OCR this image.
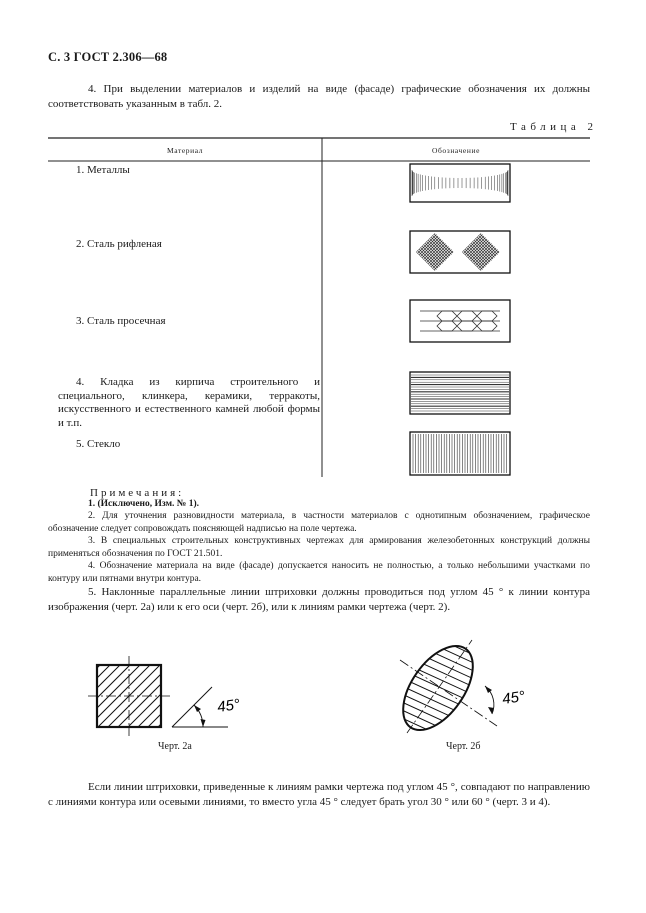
С. 3 ГОСТ 2.306—68
4. При выделении материалов и изделий на виде (фасаде) графические обозначения их должны соответствовать указанным в табл. 2.
Таблица 2
Материал	Обозначение
1. Металлы
2. Сталь рифленая
3. Сталь просечная
4. Кладка из кирпича строительного и специального, клинкера, керамики, терракоты, искусственного и естественного камней любой формы и т.п.
5. Стекло
Примечания:
1. (Исключено, Изм. № 1).
2. Для уточнения разновидности материала, в частности материалов с однотипным обозначением, графическое обозначение следует сопровождать поясняющей надписью на поле чертежа.
3. В специальных строительных конструктивных чертежах для армирования железобетонных конструкций должны применяться обозначения по ГОСТ 21.501.
4. Обозначение материала на виде (фасаде) допускается наносить не полностью, а только небольшими участками по контуру или пятнами внутри контура.
5. Наклонные параллельные линии штриховки должны проводиться под углом 45 ° к линии контура изображения (черт. 2а) или к его оси (черт. 2б), или к линиям рамки чертежа (черт. 2).
45°	45°
Черт. 2а	Черт. 2б
Если линии штриховки, приведенные к линиям рамки чертежа под углом 45 °, совпадают по направлению с линиями контура или осевыми линиями, то вместо угла 45 ° следует брать угол 30 ° или 60 ° (черт. 3 и 4).
